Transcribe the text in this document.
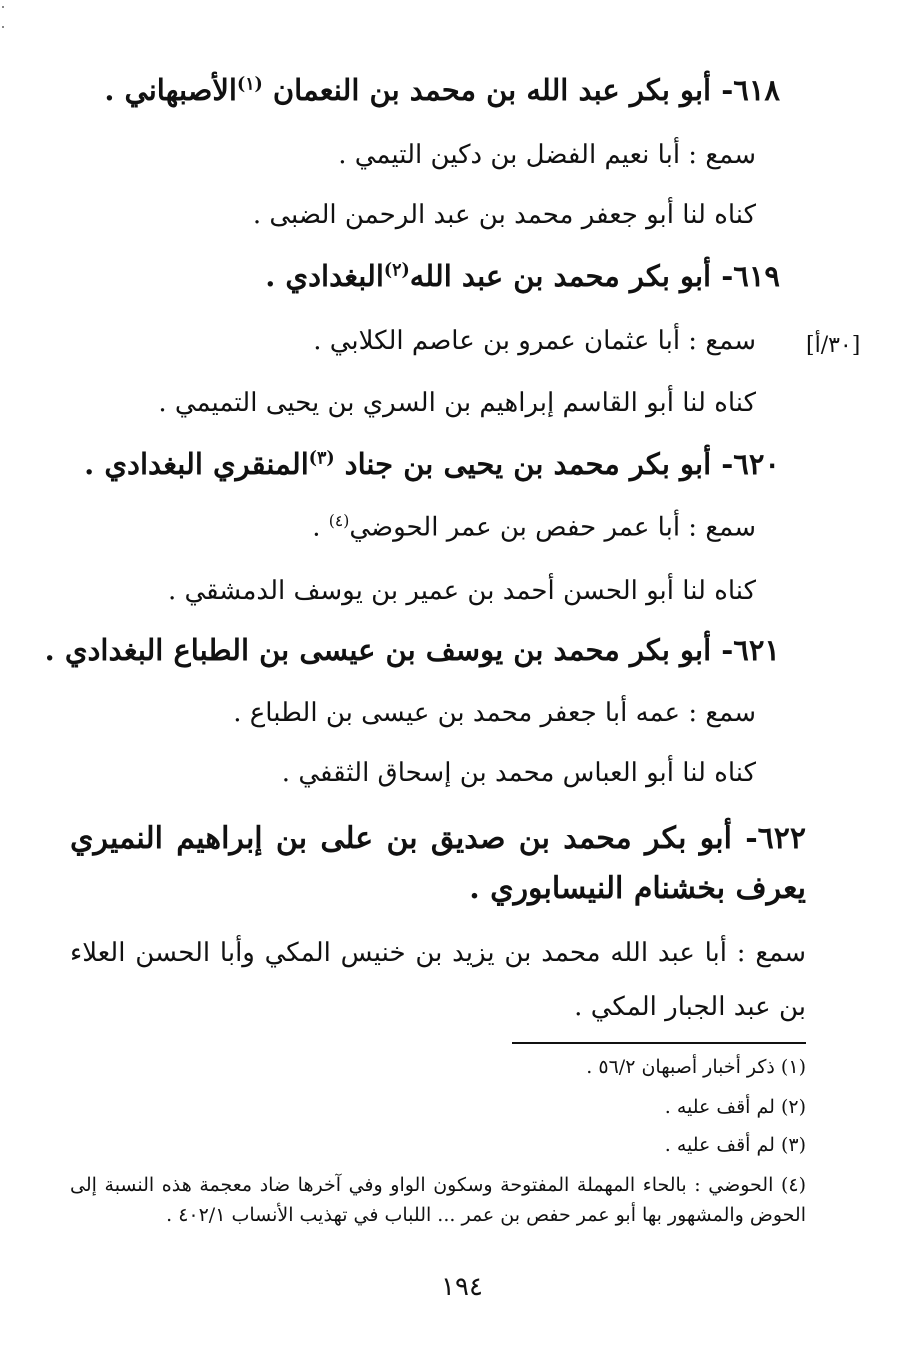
٦١٨- أبو بكر عبد الله بن محمد بن النعمان $^{(١)}$الأصبهاني .
سمع : أبا نعيم الفضل بن دكين التيمي .
كناه لنا أبو جعفر محمد بن عبد الرحمن الضبى .
٦١٩- أبو بكر محمد بن عبد الله$^{(٢)}$البغدادي .
سمع : أبا عثمان عمرو بن عاصم الكلابي . [٣٠/أ]
كناه لنا أبو القاسم إبراهيم بن السري بن يحيى التميمي .
٦٢٠- أبو بكر محمد بن يحيى بن جناد $^{(٣)}$المنقري البغدادي .
سمع : أبا عمر حفص بن عمر الحوضي$^{(٤)}$ .
كناه لنا أبو الحسن أحمد بن عمير بن يوسف الدمشقي .
٦٢١- أبو بكر محمد بن يوسف بن عيسى بن الطباع البغدادي .
سمع : عمه أبا جعفر محمد بن عيسى بن الطباع .
كناه لنا أبو العباس محمد بن إسحاق الثقفي .
٦٢٢- أبو بكر محمد بن صديق بن على بن إبراهيم النميري يعرف بخشنام النيسابوري .
سمع : أبا عبد الله محمد بن يزيد بن خنيس المكي وأبا الحسن العلاء بن عبد الجبار المكي .
(١) ذكر أخبار أصبهان ٥٦/٢ .
(٢) لم أقف عليه .
(٣) لم أقف عليه .
(٤) الحوضي : بالحاء المهملة المفتوحة وسكون الواو وفي آخرها ضاد معجمة هذه النسبة إلى الحوض والمشهور بها أبو عمر حفص بن عمر ... اللباب في تهذيب الأنساب ٤٠٢/١ .
١٩٤
